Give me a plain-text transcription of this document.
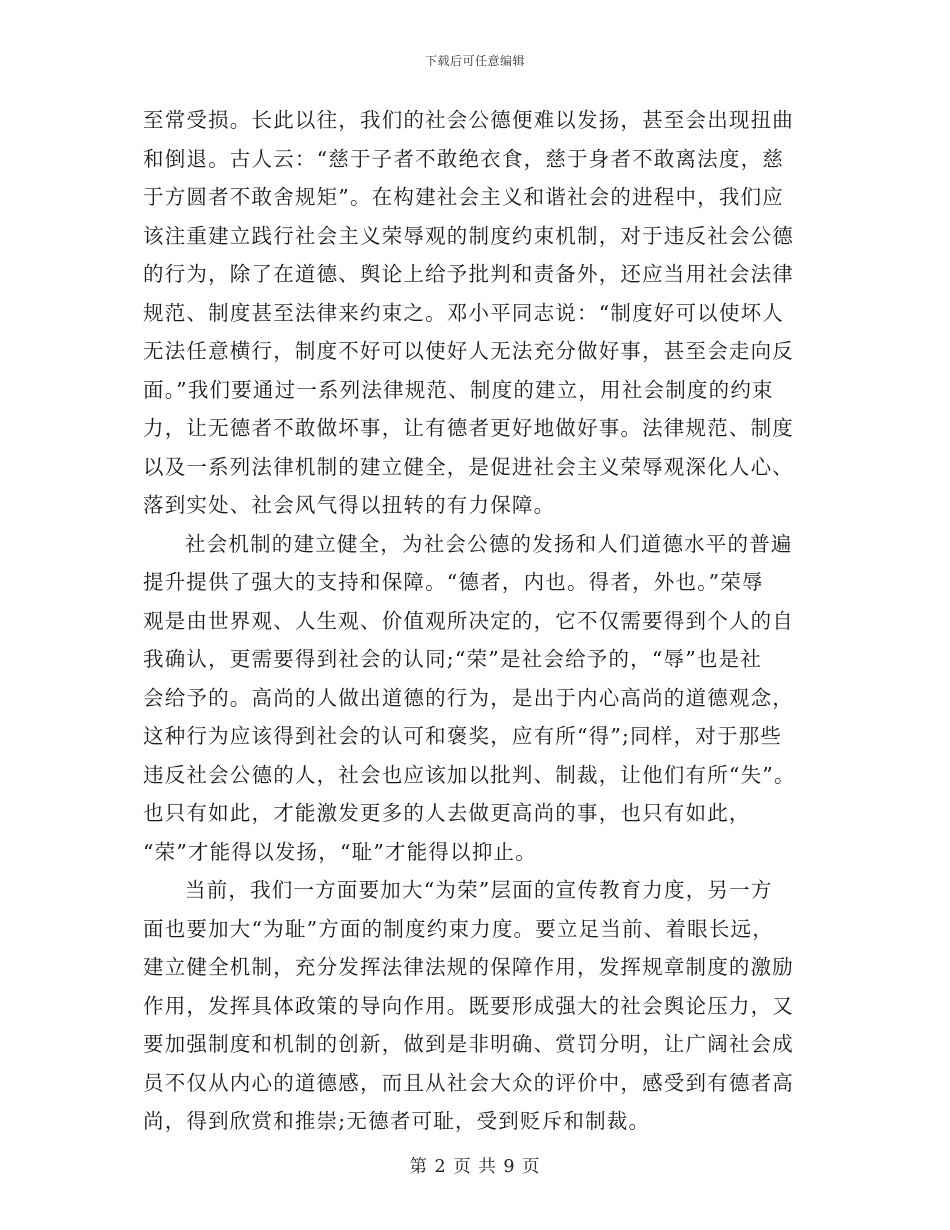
下载后可任意编辑
至常受损。长此以往，我们的社会公德便难以发扬，甚至会出现扭曲
和倒退。古人云：“慈于子者不敢绝衣食，慈于身者不敢离法度，慈
于方圆者不敢舍规矩”。在构建社会主义和谐社会的进程中，我们应
该注重建立践行社会主义荣辱观的制度约束机制，对于违反社会公德
的行为，除了在道德、舆论上给予批判和责备外，还应当用社会法律
规范、制度甚至法律来约束之。邓小平同志说：“制度好可以使坏人
无法任意横行，制度不好可以使好人无法充分做好事，甚至会走向反
面。”我们要通过一系列法律规范、制度的建立，用社会制度的约束
力，让无德者不敢做坏事，让有德者更好地做好事。法律规范、制度
以及一系列法律机制的建立健全，是促进社会主义荣辱观深化人心、
落到实处、社会风气得以扭转的有力保障。
社会机制的建立健全，为社会公德的发扬和人们道德水平的普遍
提升提供了强大的支持和保障。“德者，内也。得者，外也。”荣辱
观是由世界观、人生观、价值观所决定的，它不仅需要得到个人的自
我确认，更需要得到社会的认同;“荣”是社会给予的，“辱”也是社
会给予的。高尚的人做出道德的行为，是出于内心高尚的道德观念，
这种行为应该得到社会的认可和褒奖，应有所“得”;同样，对于那些
违反社会公德的人，社会也应该加以批判、制裁，让他们有所“失”。
也只有如此，才能激发更多的人去做更高尚的事，也只有如此，
“荣”才能得以发扬，“耻”才能得以抑止。
当前，我们一方面要加大“为荣”层面的宣传教育力度，另一方
面也要加大“为耻”方面的制度约束力度。要立足当前、着眼长远，
建立健全机制，充分发挥法律法规的保障作用，发挥规章制度的激励
作用，发挥具体政策的导向作用。既要形成强大的社会舆论压力，又
要加强制度和机制的创新，做到是非明确、赏罚分明，让广阔社会成
员不仅从内心的道德感，而且从社会大众的评价中，感受到有德者高
尚，得到欣赏和推崇;无德者可耻，受到贬斥和制裁。
第 2 页 共 9 页
